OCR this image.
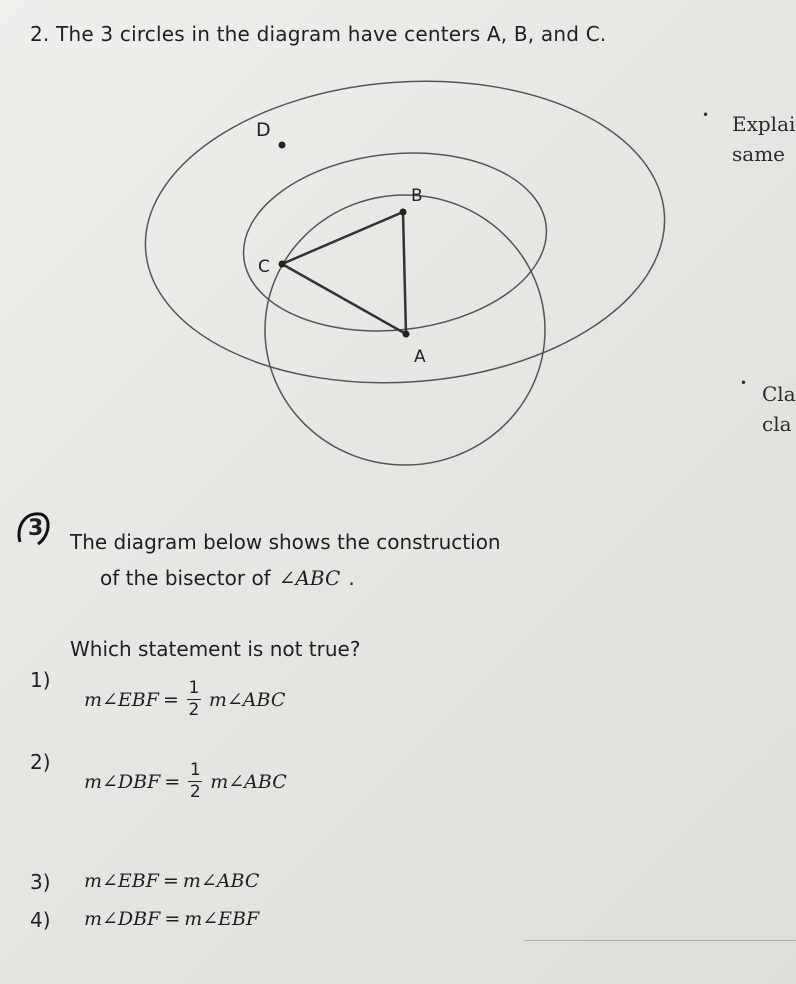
2. The 3 circles in the diagram have centers A, B, and C.
D
B
C
A
• Explai
same
• Cla
cla
3
The diagram below shows the construction
of the bisector of ∠ABC .
Which statement is not true?
1)
m∠EBF = $\frac{1}{2}$ m∠ABC
2)
m∠DBF = $\frac{1}{2}$ m∠ABC
3) m∠EBF = m∠ABC
4) m∠DBF = m∠EBF
